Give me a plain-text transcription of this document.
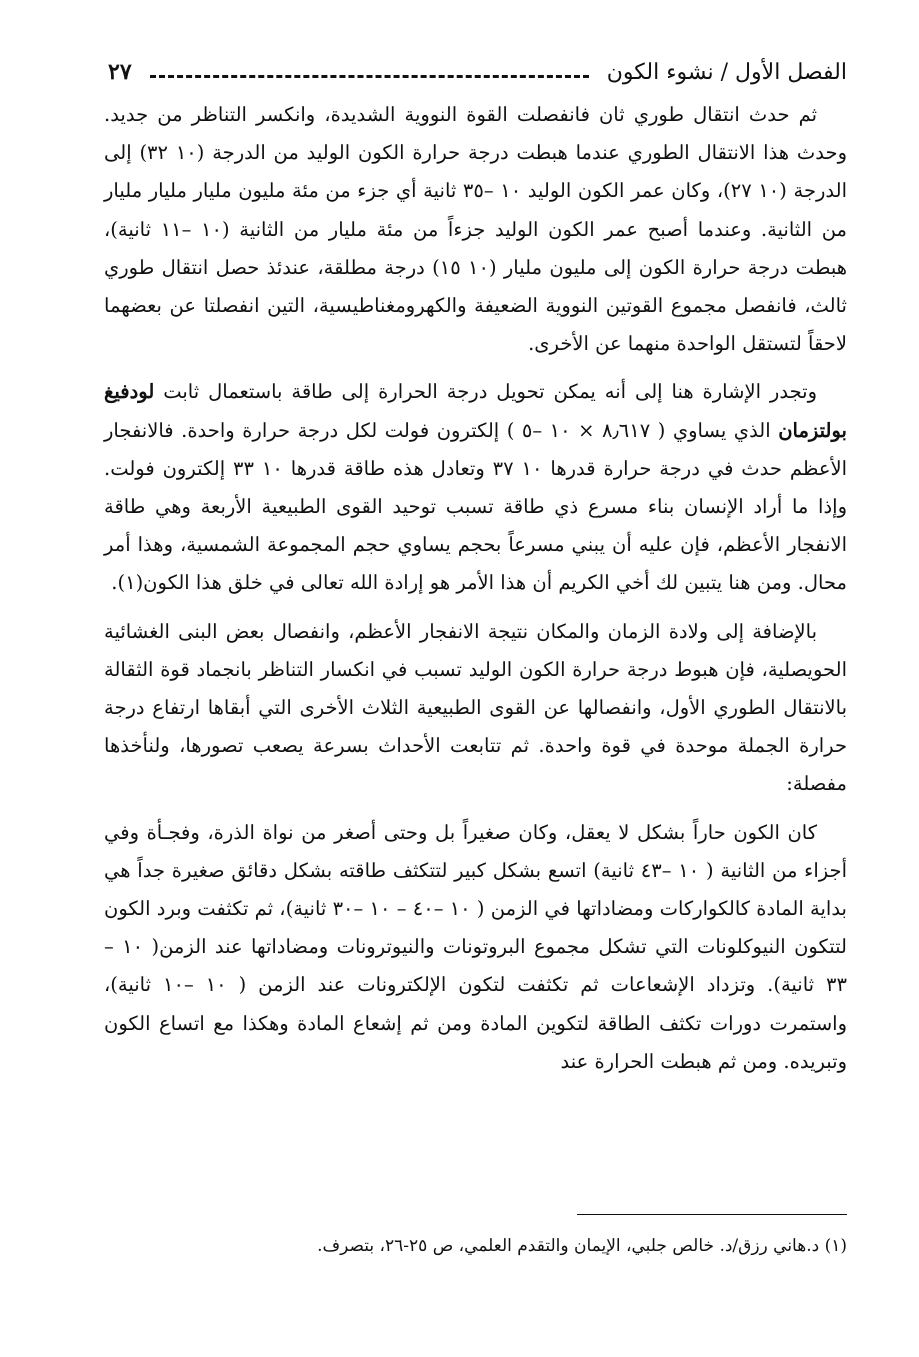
الفصل الأول / نشوء الكون
٢٧

ثم حدث انتقال طوري ثان فانفصلت القوة النووية الشديدة، وانكسر التناظر من جديد. وحدث هذا الانتقال الطوري عندما هبطت درجة حرارة الكون الوليد من الدرجة (١٠ ٣٢) إلى الدرجة (١٠ ٢٧)، وكان عمر الكون الوليد ١٠ –٣٥ ثانية أي جزء من مئة مليون مليار مليار مليار من الثانية. وعندما أصبح عمر الكون الوليد جزءاً من مئة مليار من الثانية (١٠ –١١ ثانية)، هبطت درجة حرارة الكون إلى مليون مليار (١٠ ١٥) درجة مطلقة، عندئذ حصل انتقال طوري ثالث، فانفصل مجموع القوتين النووية الضعيفة والكهرومغناطيسية، التين انفصلتا عن بعضهما لاحقاً لتستقل الواحدة منهما عن الأخرى.

وتجدر الإشارة هنا إلى أنه يمكن تحويل درجة الحرارة إلى طاقة باستعمال ثابت لودفيغ بولتزمان الذي يساوي ( ٨٫٦١٧ × ١٠ –٥ ) إلكترون فولت لكل درجة حرارة واحدة. فالانفجار الأعظم حدث في درجة حرارة قدرها ١٠ ٣٧ وتعادل هذه طاقة قدرها ١٠ ٣٣ إلكترون فولت. وإذا ما أراد الإنسان بناء مسرع ذي طاقة تسبب توحيد القوى الطبيعية الأربعة وهي طاقة الانفجار الأعظم، فإن عليه أن يبني مسرعاً بحجم يساوي حجم المجموعة الشمسية، وهذا أمر محال. ومن هنا يتبين لك أخي الكريم أن هذا الأمر هو إرادة الله تعالى في خلق هذا الكون(١).

بالإضافة إلى ولادة الزمان والمكان نتيجة الانفجار الأعظم، وانفصال بعض البنى الغشائية الحويصلية، فإن هبوط درجة حرارة الكون الوليد تسبب في انكسار التناظر بانجماد قوة الثقالة بالانتقال الطوري الأول، وانفصالها عن القوى الطبيعية الثلاث الأخرى التي أبقاها ارتفاع درجة حرارة الجملة موحدة في قوة واحدة. ثم تتابعت الأحداث بسرعة يصعب تصورها، ولنأخذها مفصلة:

كان الكون حاراً بشكل لا يعقل، وكان صغيراً بل وحتى أصغر من نواة الذرة، وفجـأة وفي أجزاء من الثانية ( ١٠ –٤٣ ثانية) اتسع بشكل كبير لتتكثف طاقته بشكل دقائق صغيرة جداً هي بداية المادة كالكواركات ومضاداتها في الزمن ( ١٠ –٤٠ – ١٠ –٣٠ ثانية)، ثم تكثفت وبرد الكون لتتكون النيوكلونات التي تشكل مجموع البروتونات والنيوترونات ومضاداتها عند الزمن( ١٠ – ٣٣ ثانية). وتزداد الإشعاعات ثم تكثفت لتكون الإلكترونات عند الزمن ( ١٠ –١٠ ثانية)، واستمرت دورات تكثف الطاقة لتكوين المادة ومن ثم إشعاع المادة وهكذا مع اتساع الكون وتبريده. ومن ثم هبطت الحرارة عند

(١) د.هاني رزق/د. خالص جلبي، الإيمان والتقدم العلمي، ص ٢٥-٢٦، بتصرف.
